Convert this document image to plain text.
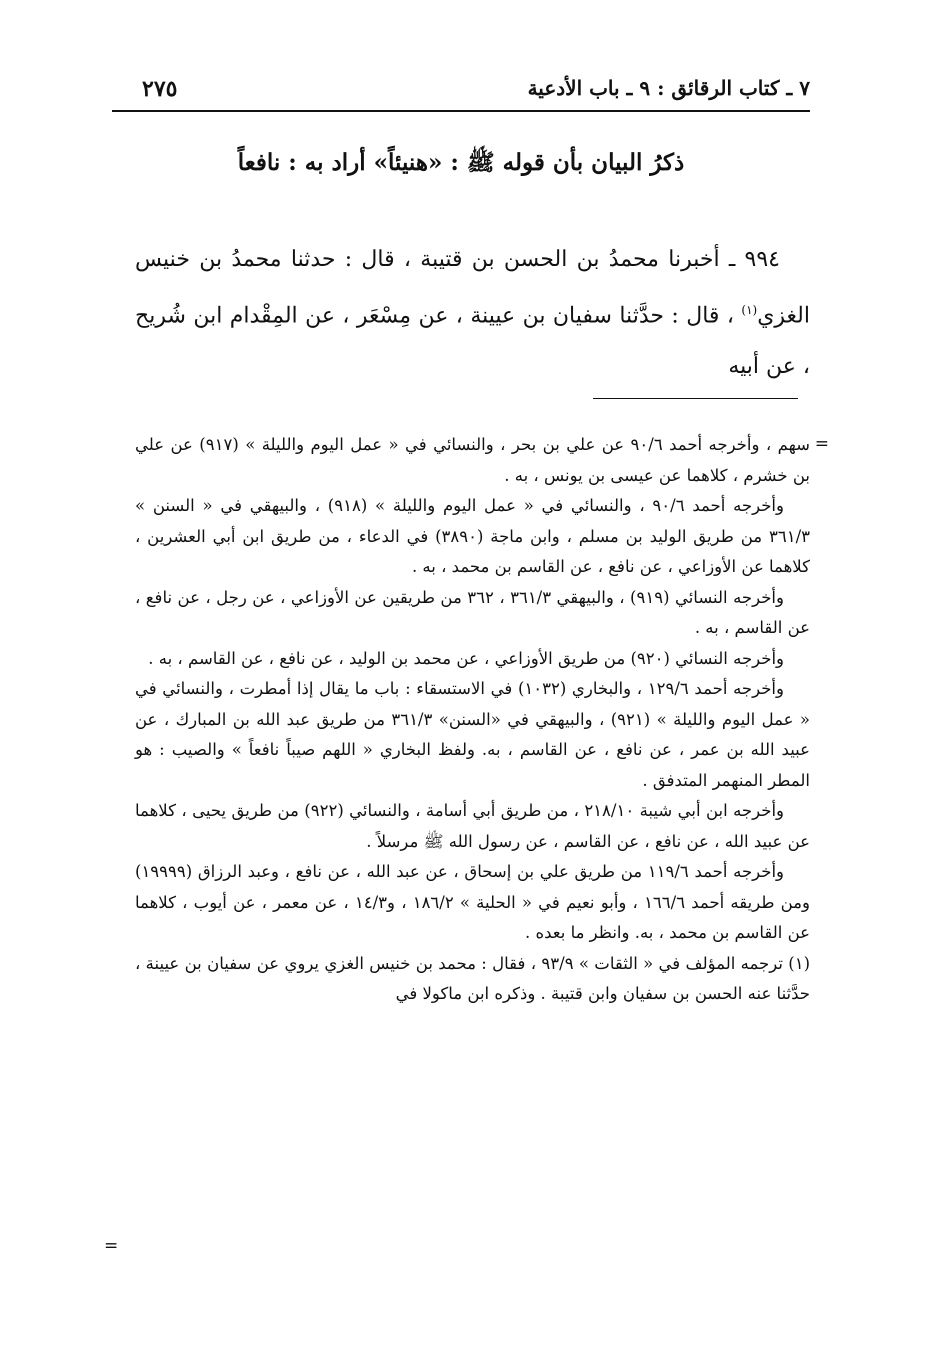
٧ ـ كتاب الرقائق : ٩ ـ باب الأدعية
٢٧٥
ذكرُ البيان بأن قوله ﷺ : «هنيئاً» أراد به : نافعاً

٩٩٤ ـ أخبرنا محمدُ بن الحسن بن قتيبة ، قال : حدثنا محمدُ بن خنيس الغزي$^{(١)}$ ، قال : حدَّثنا سفيان بن عيينة ، عن مِسْعَر ، عن المِقْدام ابن شُريح ، عن أبيه

=

سهم ، وأخرجه أحمد ٩٠/٦ عن علي بن بحر ، والنسائي في « عمل اليوم والليلة » (٩١٧) عن علي بن خشرم ، كلاهما عن عيسى بن يونس ، به .

وأخرجه أحمد ٩٠/٦ ، والنسائي في « عمل اليوم والليلة » (٩١٨) ، والبيهقي في « السنن » ٣٦١/٣ من طريق الوليد بن مسلم ، وابن ماجة (٣٨٩٠) في الدعاء ، من طريق ابن أبي العشرين ، كلاهما عن الأوزاعي ، عن نافع ، عن القاسم بن محمد ، به .

وأخرجه النسائي (٩١٩) ، والبيهقي ٣٦١/٣ ، ٣٦٢ من طريقين عن الأوزاعي ، عن رجل ، عن نافع ، عن القاسم ، به .

وأخرجه النسائي (٩٢٠) من طريق الأوزاعي ، عن محمد بن الوليد ، عن نافع ، عن القاسم ، به .

وأخرجه أحمد ١٢٩/٦ ، والبخاري (١٠٣٢) في الاستسقاء : باب ما يقال إذا أمطرت ، والنسائي في « عمل اليوم والليلة » (٩٢١) ، والبيهقي في «السنن» ٣٦١/٣ من طريق عبد الله بن المبارك ، عن عبيد الله بن عمر ، عن نافع ، عن القاسم ، به. ولفظ البخاري « اللهم صيباً نافعاً » والصيب : هو المطر المنهمر المتدفق .

وأخرجه ابن أبي شيبة ٢١٨/١٠ ، من طريق أبي أسامة ، والنسائي (٩٢٢) من طريق يحيى ، كلاهما عن عبيد الله ، عن نافع ، عن القاسم ، عن رسول الله ﷺ مرسلاً .

وأخرجه أحمد ١١٩/٦ من طريق علي بن إسحاق ، عن عبد الله ، عن نافع ، وعبد الرزاق (١٩٩٩٩) ومن طريقه أحمد ١٦٦/٦ ، وأبو نعيم في « الحلية » ١٨٦/٢ ، و١٤/٣ ، عن معمر ، عن أيوب ، كلاهما عن القاسم بن محمد ، به. وانظر ما بعده .

(١) ترجمه المؤلف في « الثقات » ٩٣/٩ ، فقال : محمد بن خنيس الغزي يروي عن سفيان بن عيينة ، حدَّثنا عنه الحسن بن سفيان وابن قتيبة . وذكره ابن ماكولا في

=
